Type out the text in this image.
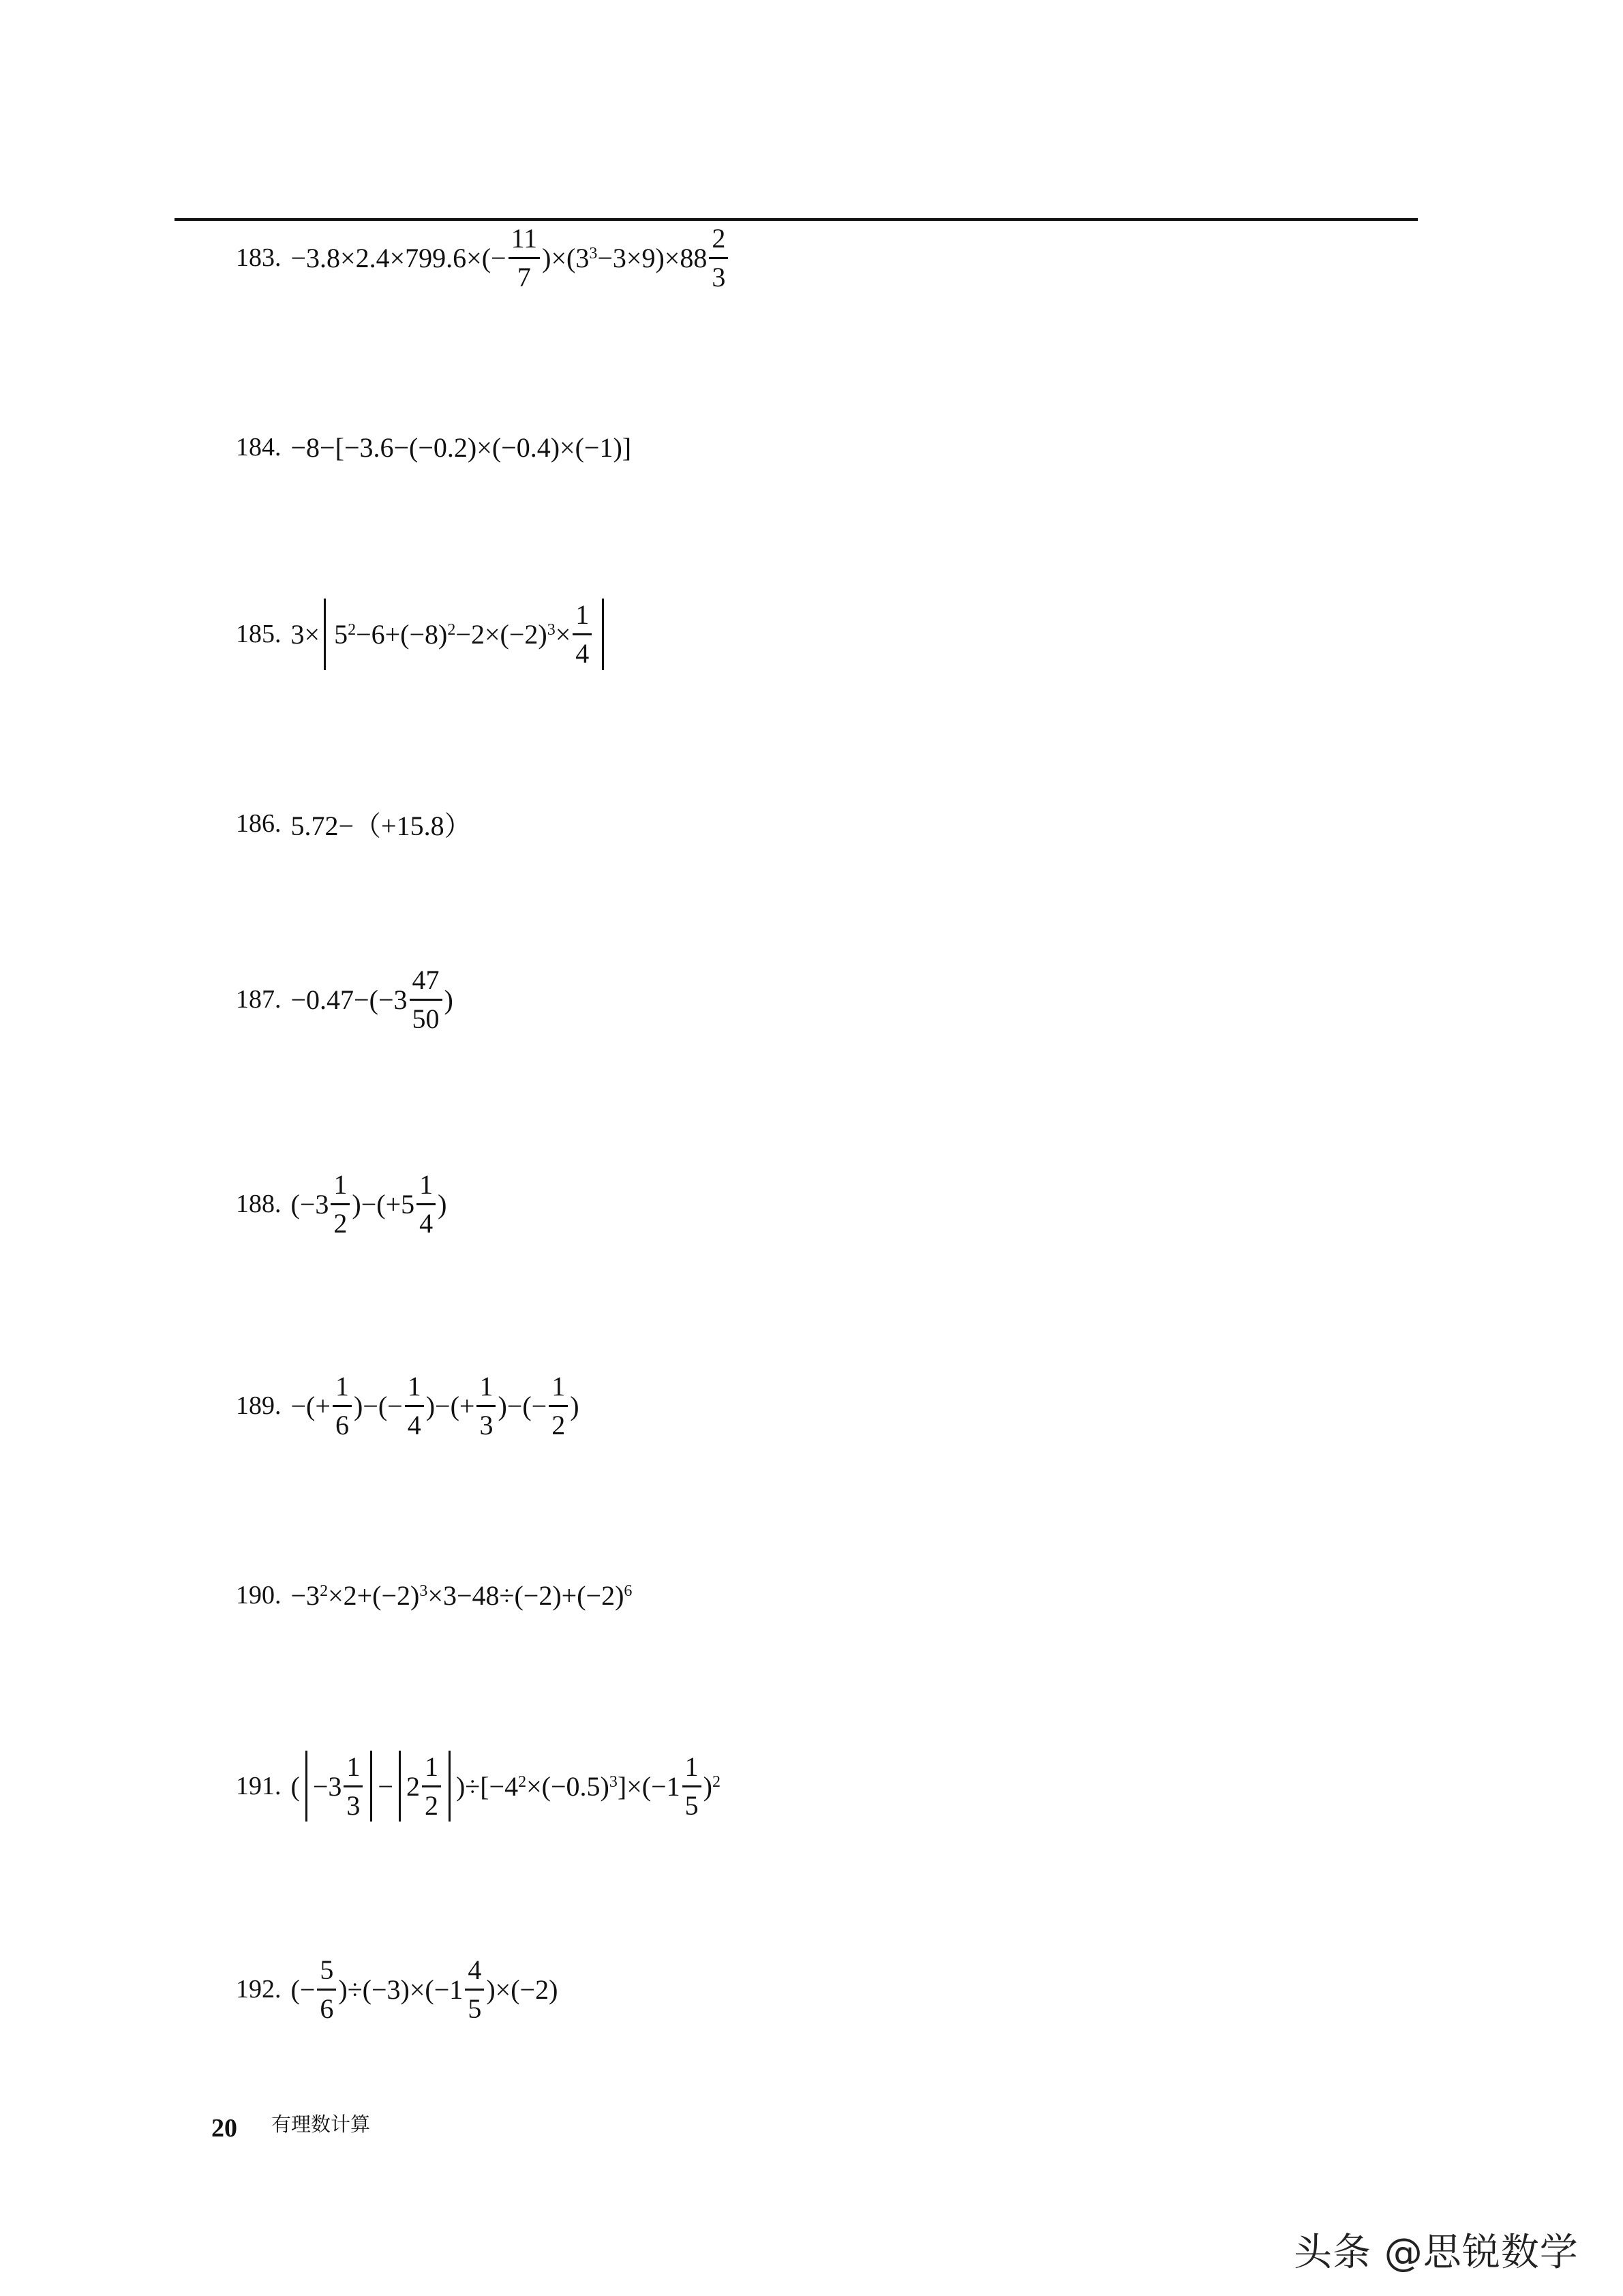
183. $-3.8\times 2.4\times 799.6\times(- \frac{11}{7} )\times(3^3 -3\times 9)\times 88 \frac{2}{3}$
184. −8−[−3.6−(−0.2)×(−0.4)×(−1)]
185. $3\times 5^2 -6+(-8)^2 -2\times(-2)^3 \times \frac{1}{4}$
186. 5.72−（+15.8）
187. $-0.47-(-3 \frac{47}{50}$ )
188. $(-3 \frac{1}{2} )-(+5 \frac{1}{4}$ )
189. −(+ $\frac{1}{6}$ )−(− $\frac{1}{4}$ )−(+ $\frac{1}{3}$ )−(− $\frac{1}{2}$ )
190. $-3^2 \times 2+(-2)^3 \times 3-48\div(-2)+(-2)^6$
191. ( $-3 \frac{1}{3} - 2 \frac{1}{2} )\div[-4^2 \times(-0.5)^3$ ]$\times(-1 \frac{1}{5} )^2$
192. (− $\frac{5}{6} )\div(-3)\times(-1 \frac{4}{5} )\times(-2)$
20 有理数计算
头条 @思锐数学
